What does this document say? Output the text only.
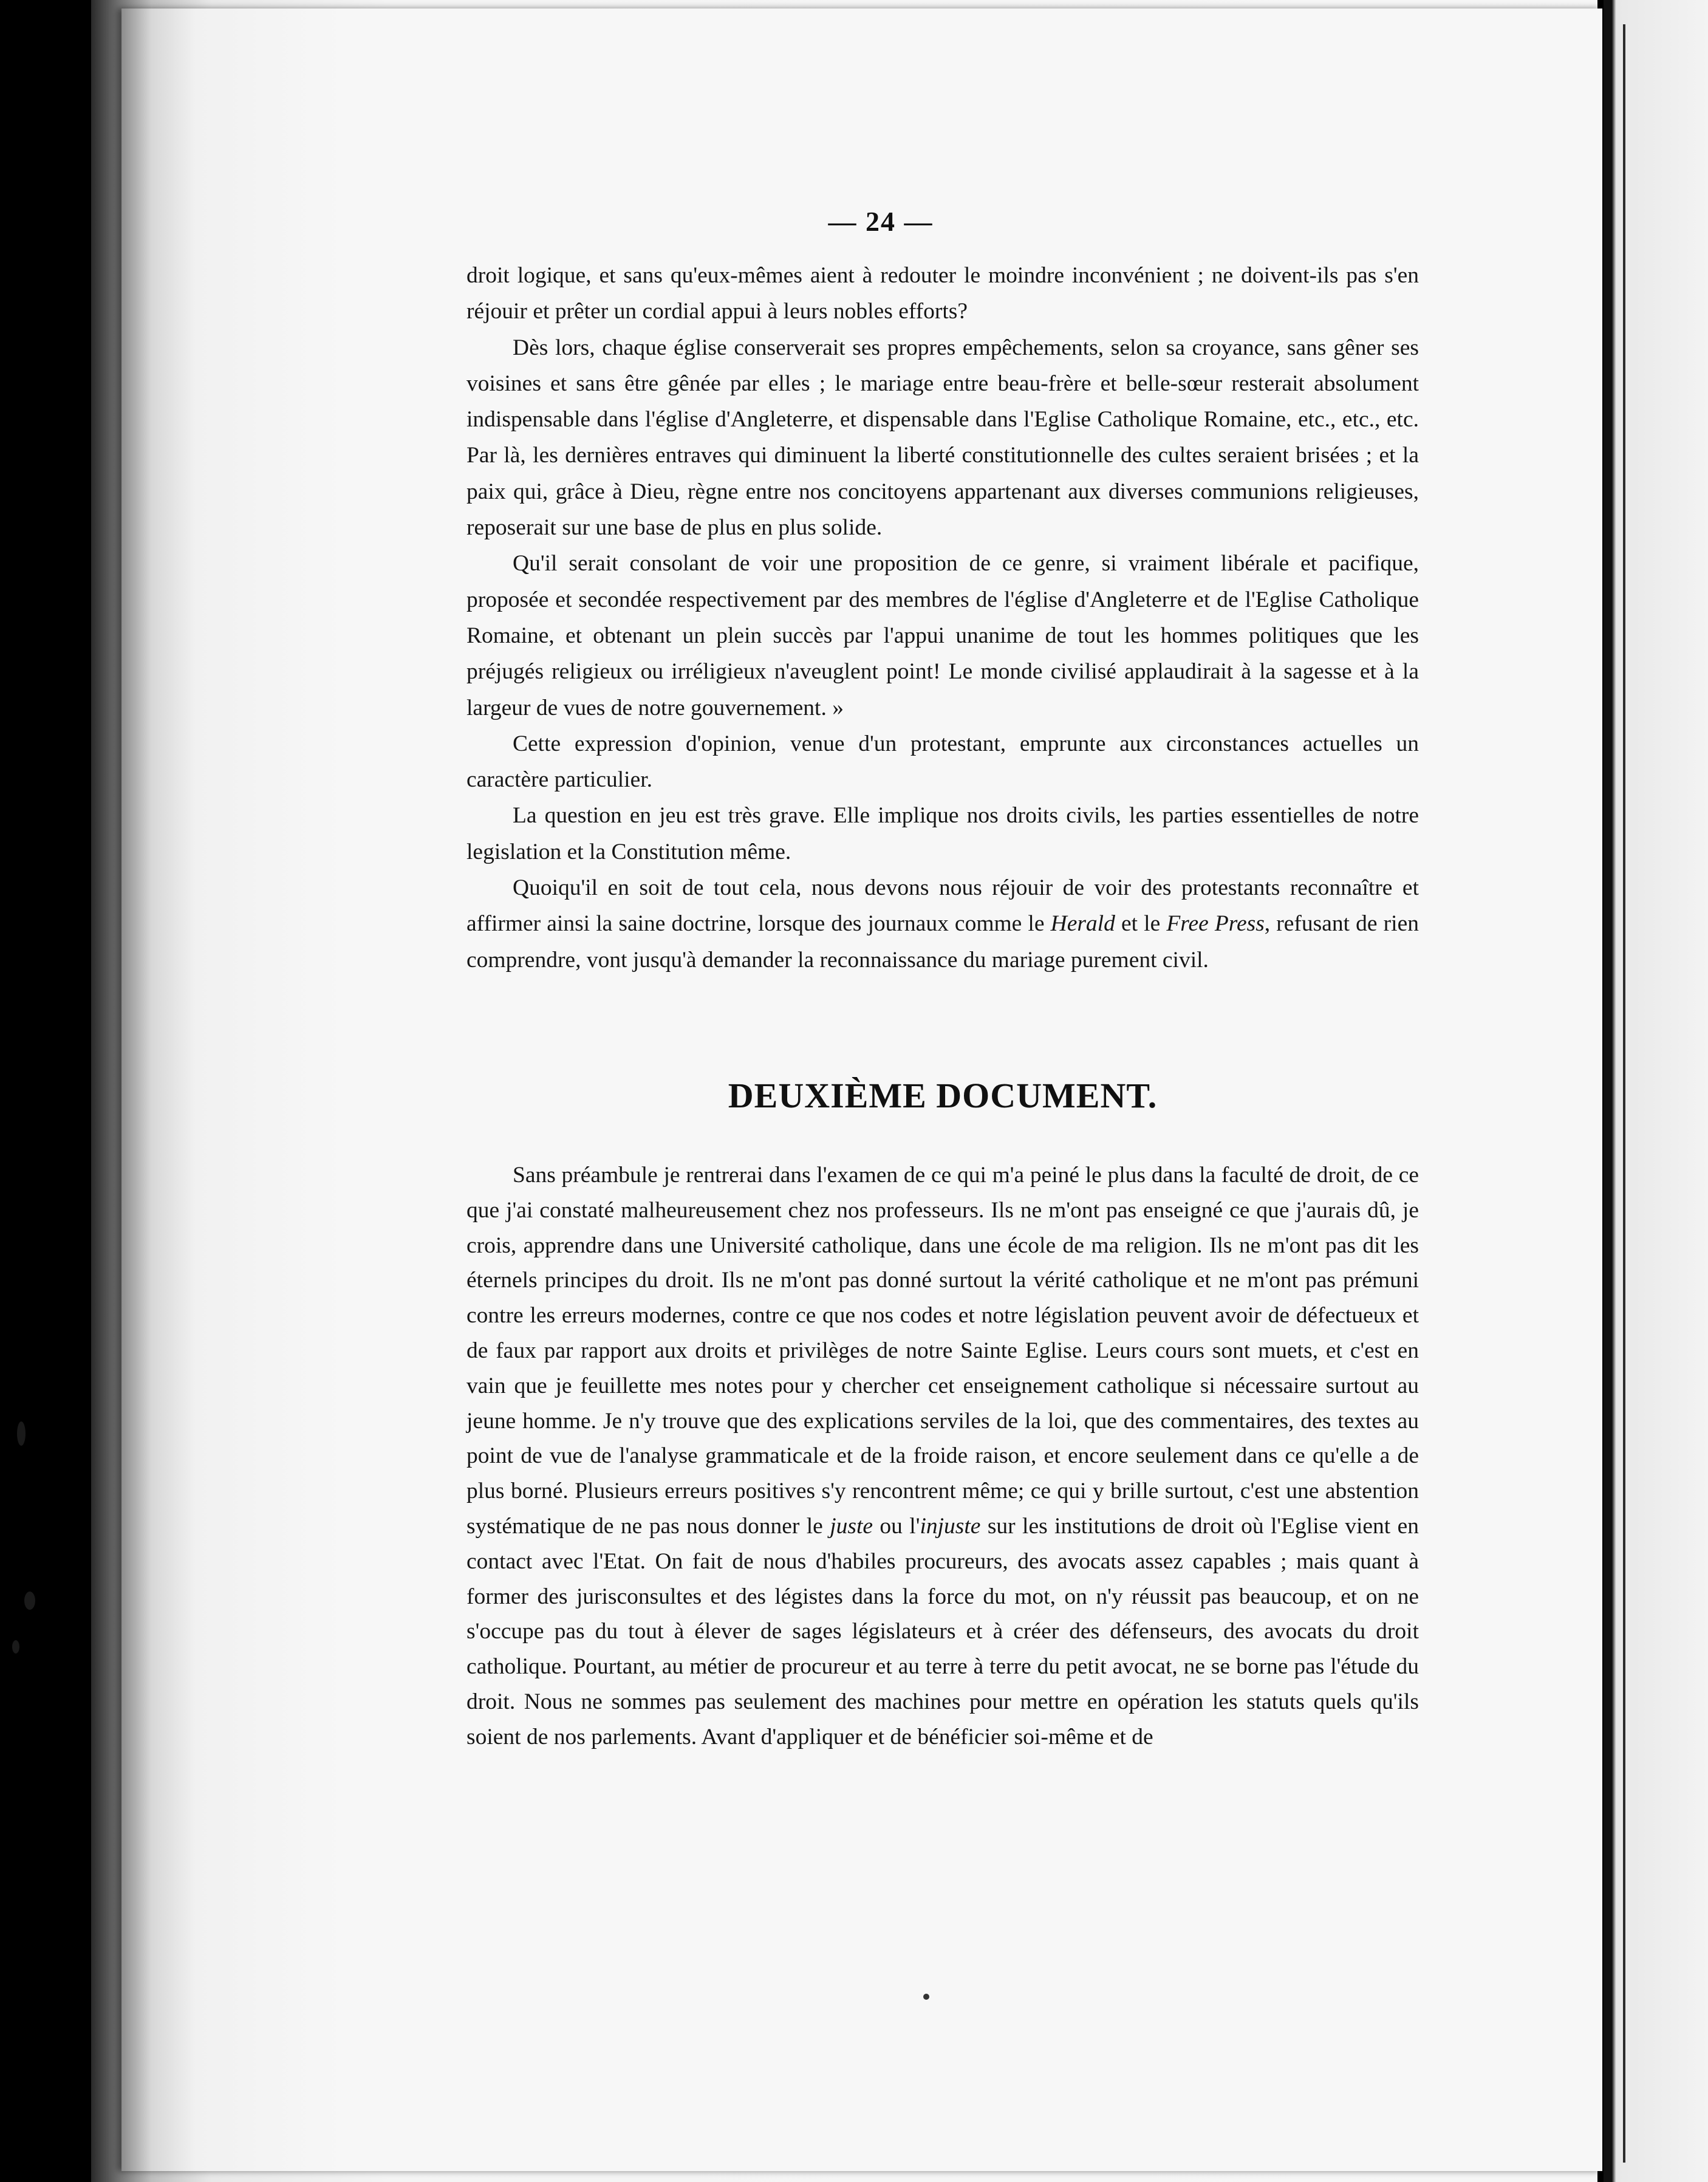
— 24 —

droit logique, et sans qu'eux-mêmes aient à redouter le moindre inconvénient ; ne doivent-ils pas s'en réjouir et prêter un cordial appui à leurs nobles efforts?

Dès lors, chaque église conserverait ses propres empêchements, selon sa croyance, sans gêner ses voisines et sans être gênée par elles ; le mariage entre beau-frère et belle-sœur resterait absolument indispensable dans l'église d'Angleterre, et dispensable dans l'Eglise Catholique Romaine, etc., etc., etc. Par là, les dernières entraves qui diminuent la liberté constitutionnelle des cultes seraient brisées ; et la paix qui, grâce à Dieu, règne entre nos concitoyens appartenant aux diverses communions religieuses, reposerait sur une base de plus en plus solide.

Qu'il serait consolant de voir une proposition de ce genre, si vraiment libérale et pacifique, proposée et secondée respectivement par des membres de l'église d'Angleterre et de l'Eglise Catholique Romaine, et obtenant un plein succès par l'appui unanime de tout les hommes politiques que les préjugés religieux ou irréligieux n'aveuglent point! Le monde civilisé applaudirait à la sagesse et à la largeur de vues de notre gouvernement. »

Cette expression d'opinion, venue d'un protestant, emprunte aux circonstances actuelles un caractère particulier.

La question en jeu est très grave. Elle implique nos droits civils, les parties essentielles de notre legislation et la Constitution même.

Quoiqu'il en soit de tout cela, nous devons nous réjouir de voir des protestants reconnaître et affirmer ainsi la saine doctrine, lorsque des journaux comme le Herald et le Free Press, refusant de rien comprendre, vont jusqu'à demander la reconnaissance du mariage purement civil.

DEUXIÈME DOCUMENT.

Sans préambule je rentrerai dans l'examen de ce qui m'a peiné le plus dans la faculté de droit, de ce que j'ai constaté malheureusement chez nos professeurs. Ils ne m'ont pas enseigné ce que j'aurais dû, je crois, apprendre dans une Université catholique, dans une école de ma religion. Ils ne m'ont pas dit les éternels principes du droit. Ils ne m'ont pas donné surtout la vérité catholique et ne m'ont pas prémuni contre les erreurs modernes, contre ce que nos codes et notre législation peuvent avoir de défectueux et de faux par rapport aux droits et privilèges de notre Sainte Eglise. Leurs cours sont muets, et c'est en vain que je feuillette mes notes pour y chercher cet enseignement catholique si nécessaire surtout au jeune homme. Je n'y trouve que des explications serviles de la loi, que des commentaires, des textes au point de vue de l'analyse grammaticale et de la froide raison, et encore seulement dans ce qu'elle a de plus borné. Plusieurs erreurs positives s'y rencontrent même; ce qui y brille surtout, c'est une abstention systématique de ne pas nous donner le juste ou l'injuste sur les institutions de droit où l'Eglise vient en contact avec l'Etat. On fait de nous d'habiles procureurs, des avocats assez capables ; mais quant à former des jurisconsultes et des légistes dans la force du mot, on n'y réussit pas beaucoup, et on ne s'occupe pas du tout à élever de sages législateurs et à créer des défenseurs, des avocats du droit catholique. Pourtant, au métier de procureur et au terre à terre du petit avocat, ne se borne pas l'étude du droit. Nous ne sommes pas seulement des machines pour mettre en opération les statuts quels qu'ils soient de nos parlements. Avant d'appliquer et de bénéficier soi-même et de
